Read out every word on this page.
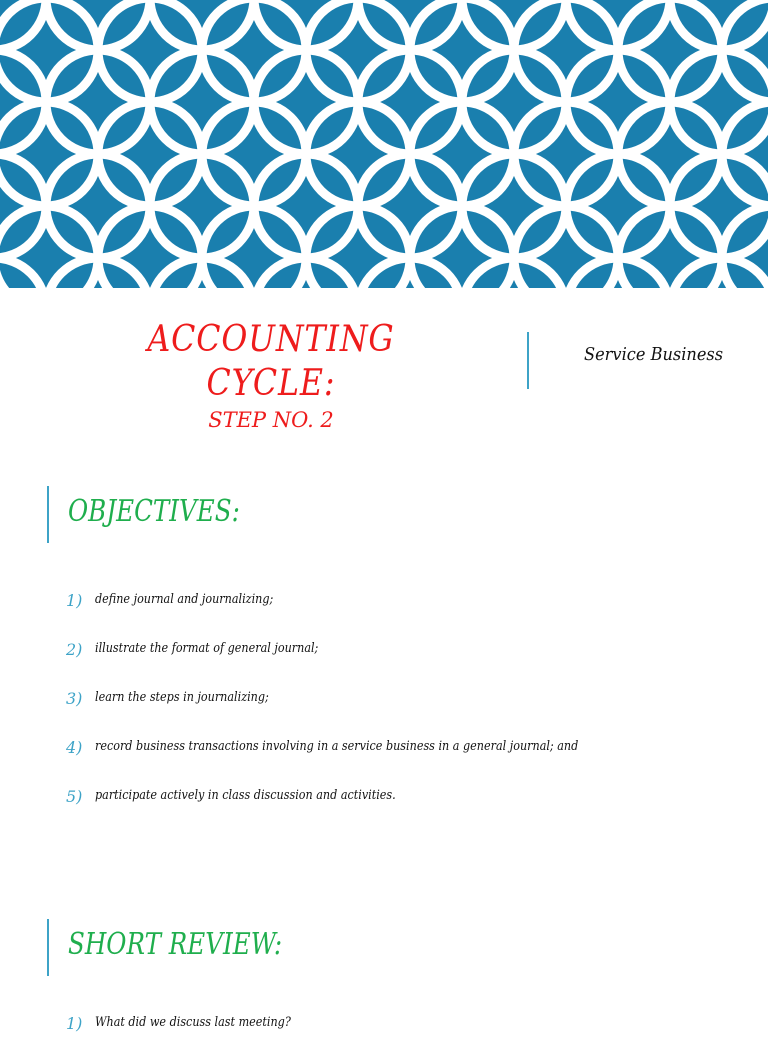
ACCOUNTING CYCLE:
STEP NO. 2
Service Business
OBJECTIVES:
1) define journal and journalizing;
2) illustrate the format of general journal;
3) learn the steps in journalizing;
4) record business transactions involving in a service business in a general journal; and
5) participate actively in class discussion and activities.
SHORT REVIEW:
1) What did we discuss last meeting?
